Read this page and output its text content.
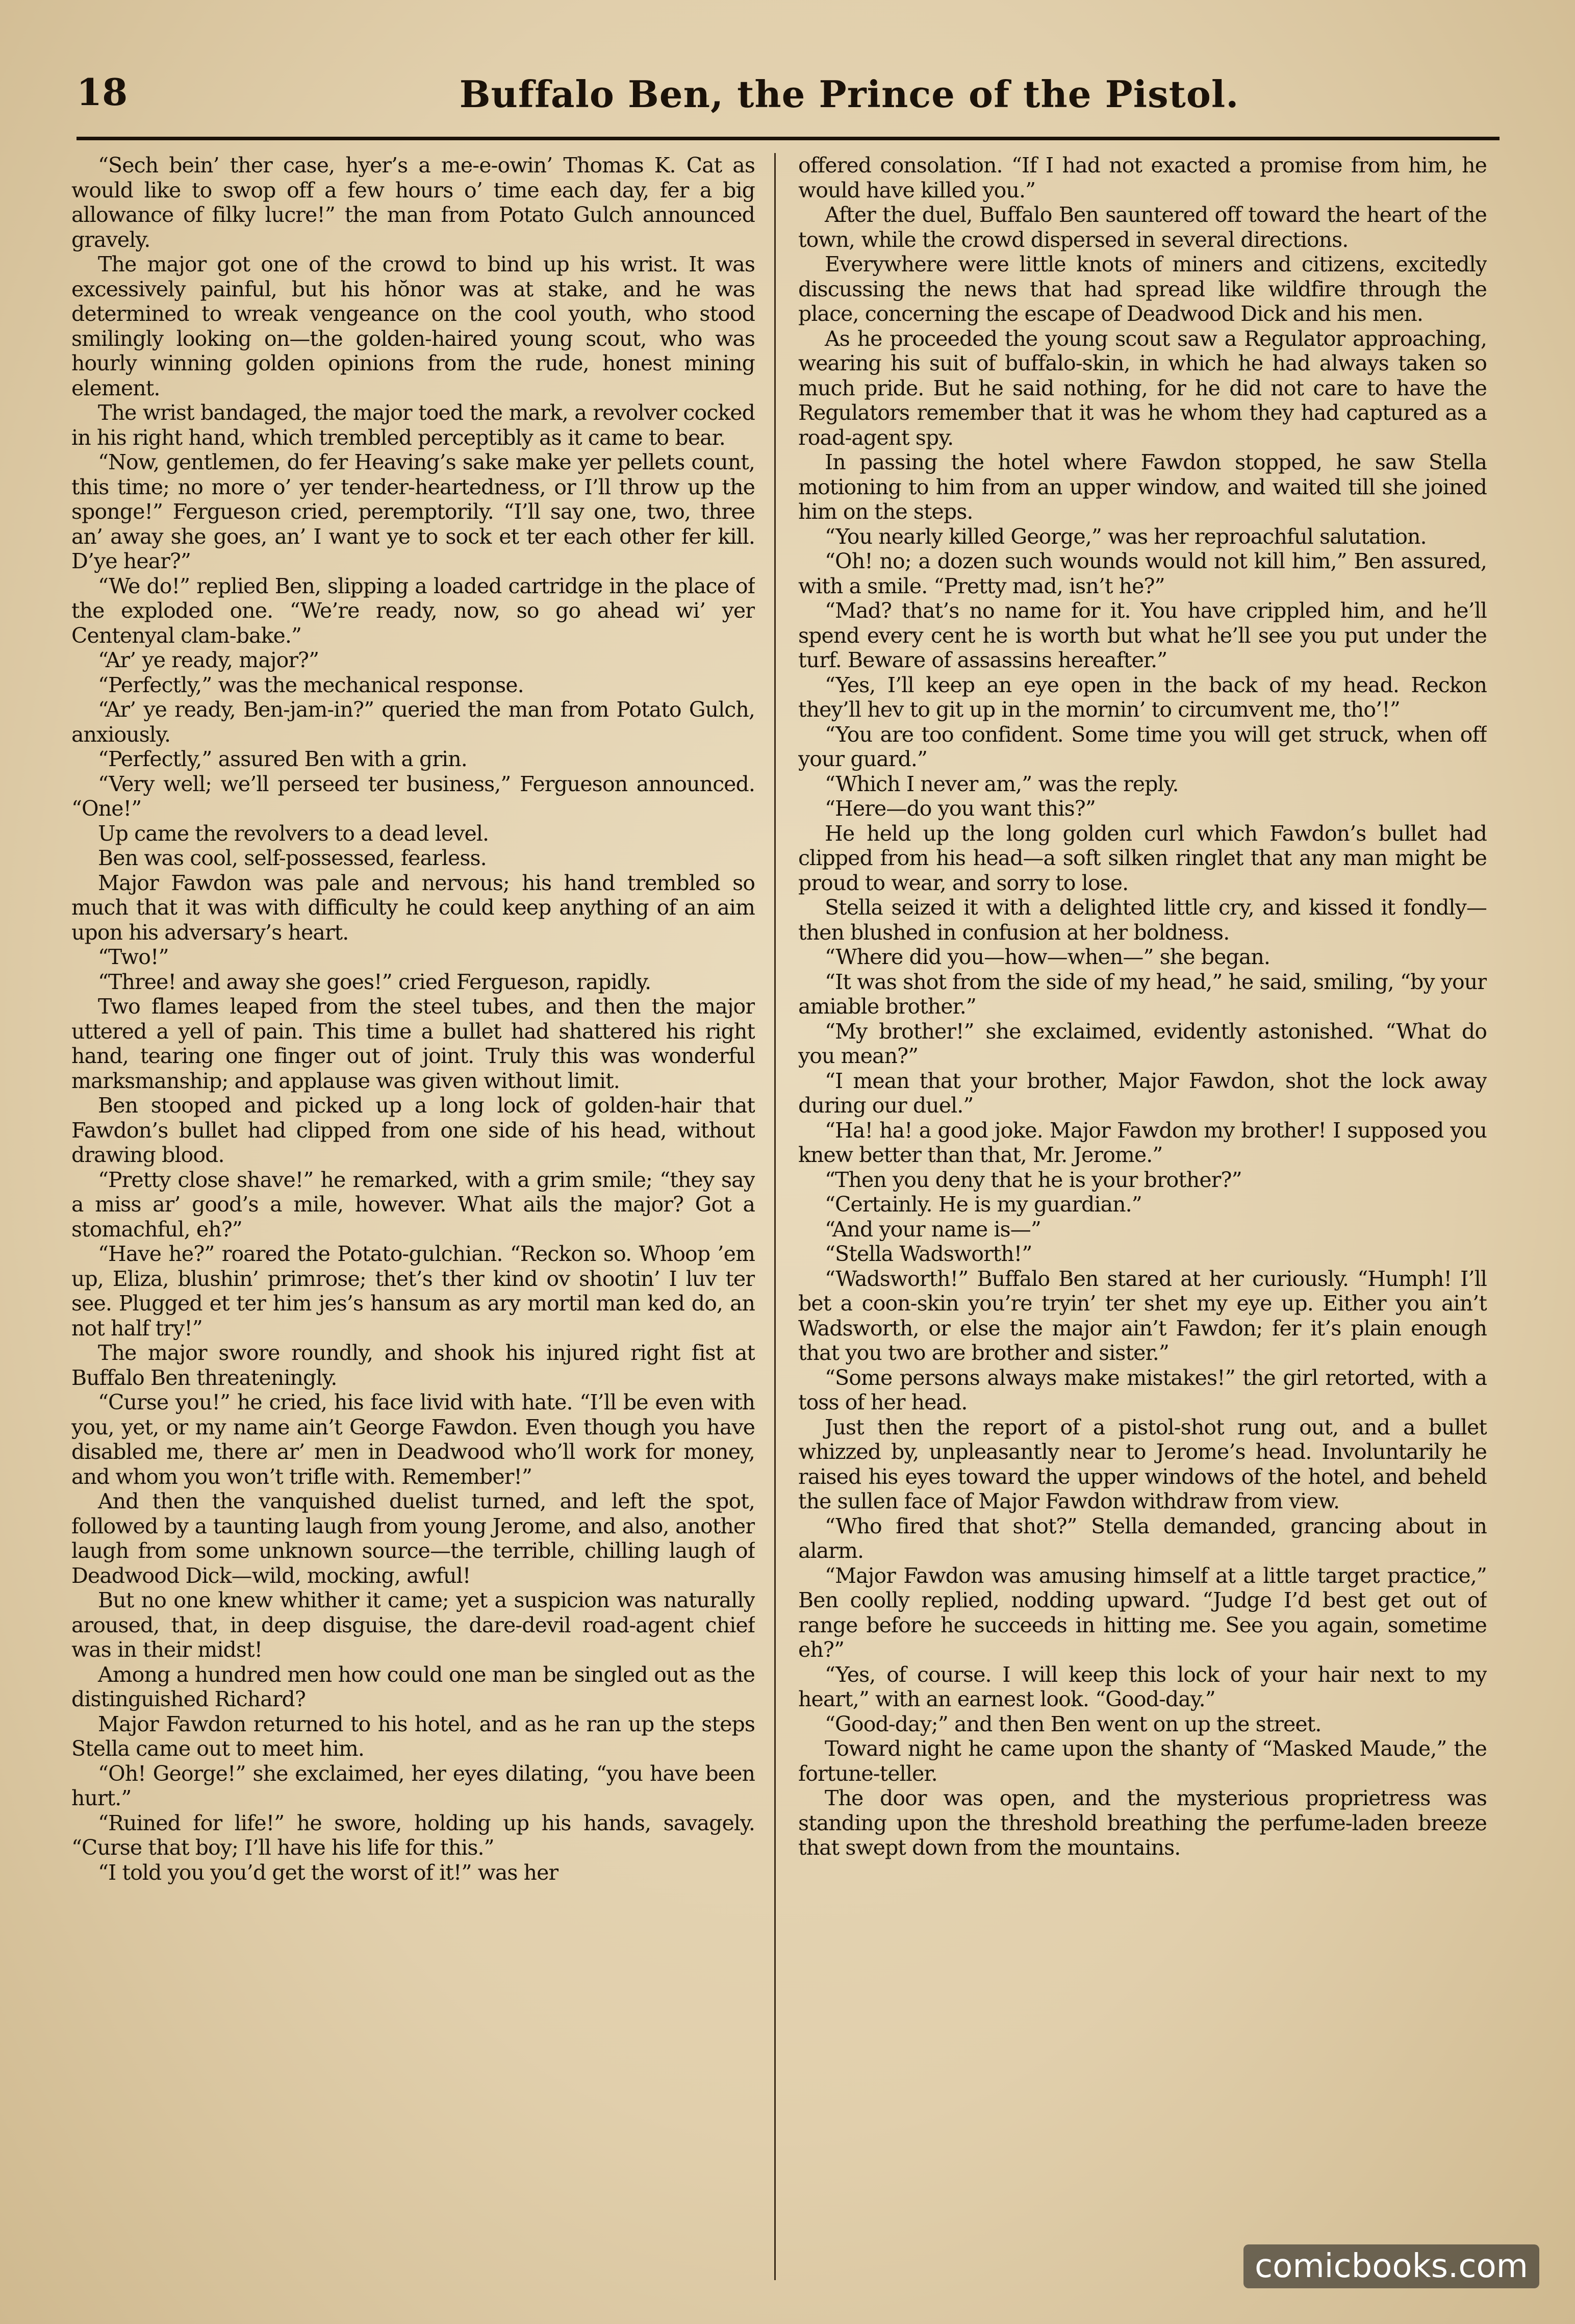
18	Buffalo Ben, the Prince of the Pistol.

“Sech bein’ ther case, hyer’s a me-e-owin’ Thomas K. Cat as would like to swop off a few hours o’ time each day, fer a big allowance of filky lucre!” the man from Potato Gulch announced gravely.

The major got one of the crowd to bind up his wrist. It was excessively painful, but his hŏnor was at stake, and he was determined to wreak vengeance on the cool youth, who stood smilingly looking on—the golden-haired young scout, who was hourly winning golden opinions from the rude, honest mining element.

The wrist bandaged, the major toed the mark, a revolver cocked in his right hand, which trembled perceptibly as it came to bear.

“Now, gentlemen, do fer Heaving’s sake make yer pellets count, this time; no more o’ yer tender-heartedness, or I’ll throw up the sponge!” Fergueson cried, peremptorily. “I’ll say one, two, three an’ away she goes, an’ I want ye to sock et ter each other fer kill. D’ye hear?”

“We do!” replied Ben, slipping a loaded cartridge in the place of the exploded one. “We’re ready, now, so go ahead wi’ yer Centenyal clam-bake.”

“Ar’ ye ready, major?”

“Perfectly,” was the mechanical response.

“Ar’ ye ready, Ben-jam-in?” queried the man from Potato Gulch, anxiously.

“Perfectly,” assured Ben with a grin.

“Very well; we’ll perseed ter business,” Fergueson announced. “One!”

Up came the revolvers to a dead level.

Ben was cool, self-possessed, fearless.

Major Fawdon was pale and nervous; his hand trembled so much that it was with difficulty he could keep anything of an aim upon his adversary’s heart.

“Two!”

“Three! and away she goes!” cried Fergueson, rapidly.

Two flames leaped from the steel tubes, and then the major uttered a yell of pain. This time a bullet had shattered his right hand, tearing one finger out of joint. Truly this was wonderful marksmanship; and applause was given without limit.

Ben stooped and picked up a long lock of golden-hair that Fawdon’s bullet had clipped from one side of his head, without drawing blood.

“Pretty close shave!” he remarked, with a grim smile; “they say a miss ar’ good’s a mile, however. What ails the major? Got a stomachful, eh?”

“Have he?” roared the Potato-gulchian. “Reckon so. Whoop ’em up, Eliza, blushin’ primrose; thet’s ther kind ov shootin’ I luv ter see. Plugged et ter him jes’s hansum as ary mortil man ked do, an not half try!”

The major swore roundly, and shook his injured right fist at Buffalo Ben threateningly.

“Curse you!” he cried, his face livid with hate. “I’ll be even with you, yet, or my name ain’t George Fawdon. Even though you have disabled me, there ar’ men in Deadwood who’ll work for money, and whom you won’t trifle with. Remember!”

And then the vanquished duelist turned, and left the spot, followed by a taunting laugh from young Jerome, and also, another laugh from some unknown source—the terrible, chilling laugh of Deadwood Dick—wild, mocking, awful!

But no one knew whither it came; yet a suspicion was naturally aroused, that, in deep disguise, the dare-devil road-agent chief was in their midst!

Among a hundred men how could one man be singled out as the distinguished Richard?

Major Fawdon returned to his hotel, and as he ran up the steps Stella came out to meet him.

“Oh! George!” she exclaimed, her eyes dilating, “you have been hurt.”

“Ruined for life!” he swore, holding up his hands, savagely. “Curse that boy; I’ll have his life for this.”

“I told you you’d get the worst of it!” was her

offered consolation. “If I had not exacted a promise from him, he would have killed you.”

After the duel, Buffalo Ben sauntered off toward the heart of the town, while the crowd dispersed in several directions.

Everywhere were little knots of miners and citizens, excitedly discussing the news that had spread like wildfire through the place, concerning the escape of Deadwood Dick and his men.

As he proceeded the young scout saw a Regulator approaching, wearing his suit of buffalo-skin, in which he had always taken so much pride. But he said nothing, for he did not care to have the Regulators remember that it was he whom they had captured as a road-agent spy.

In passing the hotel where Fawdon stopped, he saw Stella motioning to him from an upper window, and waited till she joined him on the steps.

“You nearly killed George,” was her reproachful salutation.

“Oh! no; a dozen such wounds would not kill him,” Ben assured, with a smile. “Pretty mad, isn’t he?”

“Mad? that’s no name for it. You have crippled him, and he’ll spend every cent he is worth but what he’ll see you put under the turf. Beware of assassins hereafter.”

“Yes, I’ll keep an eye open in the back of my head. Reckon they’ll hev to git up in the mornin’ to circumvent me, tho’!”

“You are too confident. Some time you will get struck, when off your guard.”

“Which I never am,” was the reply.

“Here—do you want this?”

He held up the long golden curl which Fawdon’s bullet had clipped from his head—a soft silken ringlet that any man might be proud to wear, and sorry to lose.

Stella seized it with a delighted little cry, and kissed it fondly—then blushed in confusion at her boldness.

“Where did you—how—when—” she began.

“It was shot from the side of my head,” he said, smiling, “by your amiable brother.”

“My brother!” she exclaimed, evidently astonished. “What do you mean?”

“I mean that your brother, Major Fawdon, shot the lock away during our duel.”

“Ha! ha! a good joke. Major Fawdon my brother! I supposed you knew better than that, Mr. Jerome.”

“Then you deny that he is your brother?”

“Certainly. He is my guardian.”

“And your name is—”

“Stella Wadsworth!”

“Wadsworth!” Buffalo Ben stared at her curiously. “Humph! I’ll bet a coon-skin you’re tryin’ ter shet my eye up. Either you ain’t Wadsworth, or else the major ain’t Fawdon; fer it’s plain enough that you two are brother and sister.”

“Some persons always make mistakes!” the girl retorted, with a toss of her head.

Just then the report of a pistol-shot rung out, and a bullet whizzed by, unpleasantly near to Jerome’s head. Involuntarily he raised his eyes toward the upper windows of the hotel, and beheld the sullen face of Major Fawdon withdraw from view.

“Who fired that shot?” Stella demanded, grancing about in alarm.

“Major Fawdon was amusing himself at a little target practice,” Ben coolly replied, nodding upward. “Judge I’d best get out of range before he succeeds in hitting me. See you again, sometime eh?”

“Yes, of course. I will keep this lock of your hair next to my heart,” with an earnest look. “Good-day.”

“Good-day;” and then Ben went on up the street.

Toward night he came upon the shanty of “Masked Maude,” the fortune-teller.

The door was open, and the mysterious proprietress was standing upon the threshold breathing the perfume-laden breeze that swept down from the mountains.

comicbooks.com
